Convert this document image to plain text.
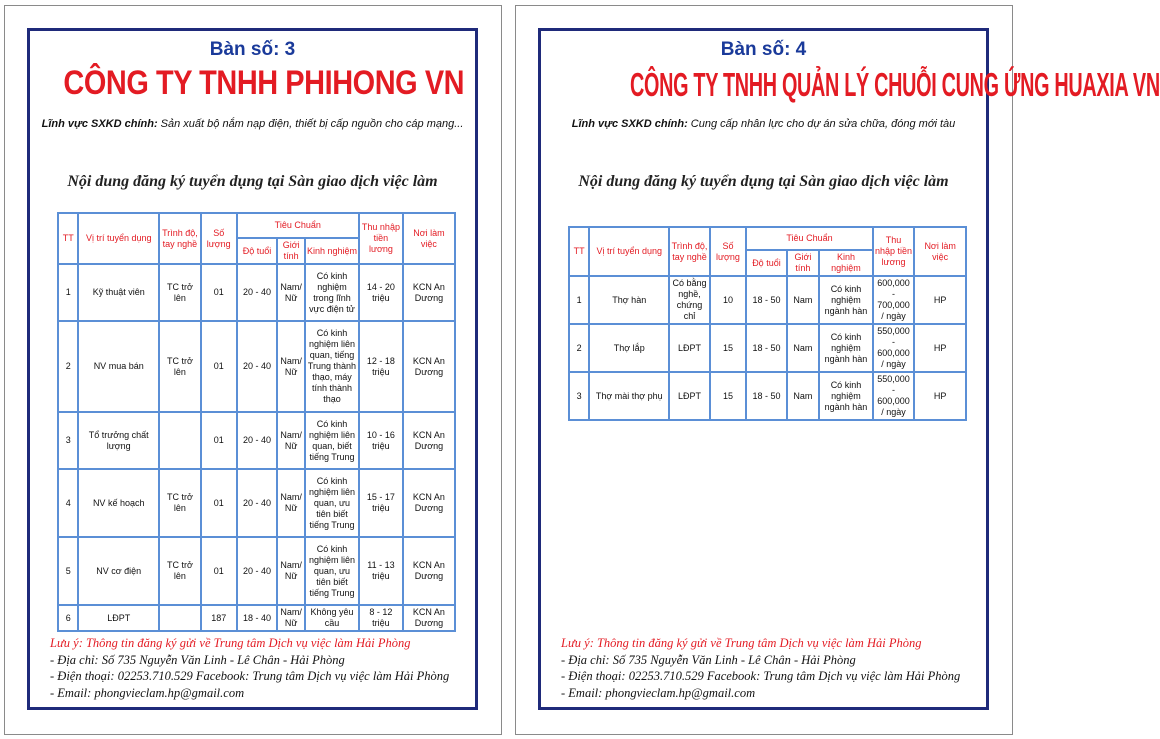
Bàn số: 3
CÔNG TY TNHH PHIHONG VN
Lĩnh vực SXKD chính: Sản xuất bộ nắm nạp điện, thiết bị cấp nguồn cho cáp mạng...
Nội dung đăng ký tuyển dụng tại Sàn giao dịch việc làm
TT	Vị trí tuyển dụng	Trình độ, tay nghề	Số lượng	Tiêu Chuẩn			Thu nhập tiền lương	Nơi làm việc
				Độ tuổi	Giới tính	Kinh nghiệm		
1	Kỹ thuật viên	TC trở lên	01	20 - 40	Nam/ Nữ	Có kinh nghiệm trong lĩnh vực điện tử	14 - 20 triệu	KCN An Dương
2	NV mua bán	TC trở lên	01	20 - 40	Nam/ Nữ	Có kinh nghiệm liên quan, tiếng Trung thành thạo, máy tính thành thạo	12 - 18 triệu	KCN An Dương
3	Tổ trưởng chất lượng		01	20 - 40	Nam/ Nữ	Có kinh nghiệm liên quan, biết tiếng Trung	10 - 16 triệu	KCN An Dương
4	NV kế hoạch	TC trở lên	01	20 - 40	Nam/ Nữ	Có kinh nghiệm liên quan, ưu tiên biết tiếng Trung	15 - 17 triệu	KCN An Dương
5	NV cơ điện	TC trở lên	01	20 - 40	Nam/ Nữ	Có kinh nghiệm liên quan, ưu tiên biết tiếng Trung	11 - 13 triệu	KCN An Dương
6	LĐPT		187	18 - 40	Nam/ Nữ	Không yêu cầu	8 - 12 triệu	KCN An Dương
Lưu ý: Thông tin đăng ký gửi về Trung tâm Dịch vụ việc làm Hải Phòng
- Địa chỉ: Số 735 Nguyễn Văn Linh - Lê Chân - Hải Phòng
- Điện thoại: 02253.710.529 Facebook: Trung tâm Dịch vụ việc làm Hải Phòng
- Email: phongvieclam.hp@gmail.com
Bàn số: 4
CÔNG TY TNHH QUẢN LÝ CHUỖI CUNG ỨNG HUAXIA VN
Lĩnh vực SXKD chính: Cung cấp nhân lực cho dự án sửa chữa, đóng mới tàu
Nội dung đăng ký tuyển dụng tại Sàn giao dịch việc làm
TT	Vị trí tuyển dụng	Trình độ, tay nghề	Số lượng	Tiêu Chuẩn			Thu nhập tiền lương	Nơi làm việc
				Độ tuổi	Giới tính	Kinh nghiệm		
1	Thợ hàn	Có bằng nghề, chứng chỉ	10	18 - 50	Nam	Có kinh nghiệm ngành hàn	600,000 - 700,000 / ngày	HP
2	Thợ lắp	LĐPT	15	18 - 50	Nam	Có kinh nghiệm ngành hàn	550,000 - 600,000 / ngày	HP
3	Thợ mài thợ phụ	LĐPT	15	18 - 50	Nam	Có kinh nghiệm ngành hàn	550,000 - 600,000 / ngày	HP
Lưu ý: Thông tin đăng ký gửi về Trung tâm Dịch vụ việc làm Hải Phòng
- Địa chỉ: Số 735 Nguyễn Văn Linh - Lê Chân - Hải Phòng
- Điện thoại: 02253.710.529 Facebook: Trung tâm Dịch vụ việc làm Hải Phòng
- Email: phongvieclam.hp@gmail.com
